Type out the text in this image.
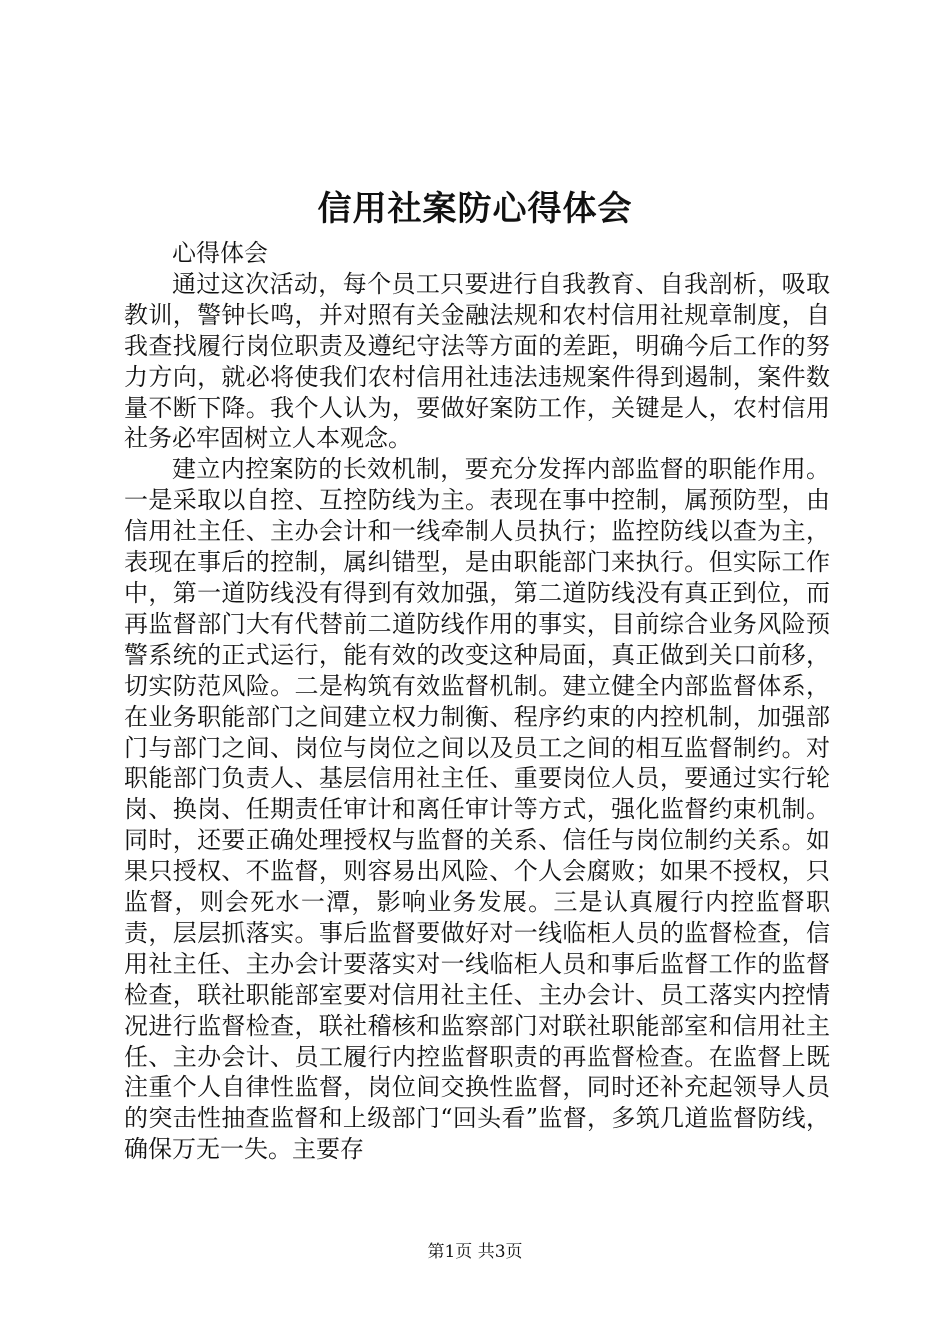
信用社案防心得体会

心得体会

通过这次活动，每个员工只要进行自我教育、自我剖析，吸取教训，警钟长鸣，并对照有关金融法规和农村信用社规章制度，自我查找履行岗位职责及遵纪守法等方面的差距，明确今后工作的努力方向，就必将使我们农村信用社违法违规案件得到遏制，案件数量不断下降。我个人认为，要做好案防工作，关键是人，农村信用社务必牢固树立人本观念。

建立内控案防的长效机制，要充分发挥内部监督的职能作用。一是采取以自控、互控防线为主。表现在事中控制，属预防型，由信用社主任、主办会计和一线牵制人员执行；监控防线以查为主，表现在事后的控制，属纠错型，是由职能部门来执行。但实际工作中，第一道防线没有得到有效加强，第二道防线没有真正到位，而再监督部门大有代替前二道防线作用的事实，目前综合业务风险预警系统的正式运行，能有效的改变这种局面，真正做到关口前移，切实防范风险。二是构筑有效监督机制。建立健全内部监督体系，在业务职能部门之间建立权力制衡、程序约束的内控机制，加强部门与部门之间、岗位与岗位之间以及员工之间的相互监督制约。对职能部门负责人、基层信用社主任、重要岗位人员，要通过实行轮岗、换岗、任期责任审计和离任审计等方式，强化监督约束机制。同时，还要正确处理授权与监督的关系、信任与岗位制约关系。如果只授权、不监督，则容易出风险、个人会腐败；如果不授权，只监督，则会死水一潭，影响业务发展。三是认真履行内控监督职责，层层抓落实。事后监督要做好对一线临柜人员的监督检查，信用社主任、主办会计要落实对一线临柜人员和事后监督工作的监督检查，联社职能部室要对信用社主任、主办会计、员工落实内控情况进行监督检查，联社稽核和监察部门对联社职能部室和信用社主任、主办会计、员工履行内控监督职责的再监督检查。在监督上既注重个人自律性监督，岗位间交换性监督，同时还补充起领导人员的突击性抽查监督和上级部门“回头看”监督，多筑几道监督防线，确保万无一失。主要存

第1页 共3页
